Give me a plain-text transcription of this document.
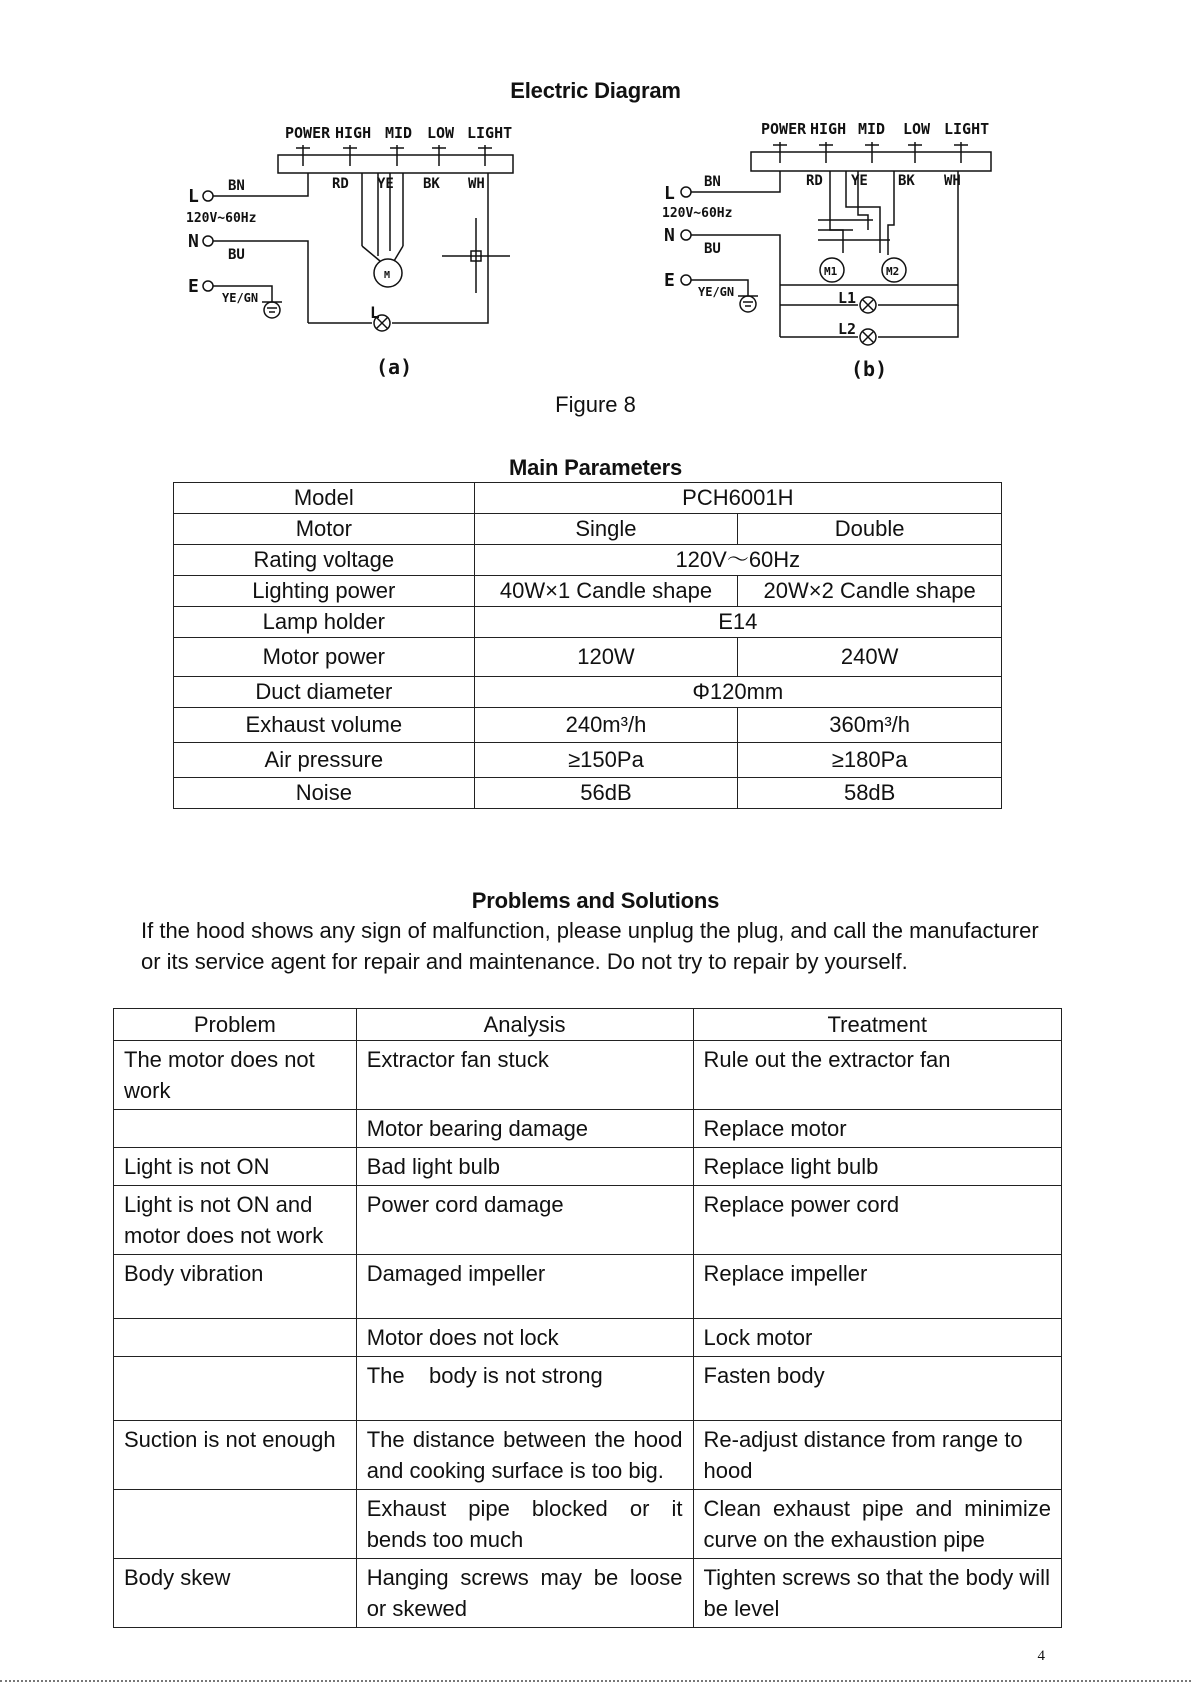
Electric Diagram
POWER HIGH MID LOW LIGHT
L BN
120V~60Hz
N
BU
E
YE/GN
RD YE BK WH
M
L
(a)
POWER HIGH MID LOW LIGHT
L
BN
120V~60Hz
N
BU
E
YE/GN
RD YE BK WH
M1	M2
L1
L2
(b)
Figure 8
Main Parameters
Model	PCH6001H	
Motor	Single	Double
Rating voltage	120V～60Hz	
Lighting power	40W×1 Candle shape	20W×2 Candle shape
Lamp holder	E14	
Motor power	120W	240W
Duct diameter	Φ120mm	
Exhaust volume	240m³/h	360m³/h
Air pressure	≥150Pa	≥180Pa
Noise	56dB	58dB
Problems and Solutions
If the hood shows any sign of malfunction, please unplug the plug, and call the manufacturer or its service agent for repair and maintenance. Do not try to repair by yourself.
Problem	Analysis	Treatment
The motor does not work	Extractor fan stuck	Rule out the extractor fan
	Motor bearing damage	Replace motor
Light is not ON	Bad light bulb	Replace light bulb
Light is not ON and motor does not work	Power cord damage	Replace power cord
Body vibration	Damaged impeller	Replace impeller
	Motor does not lock	Lock motor
	The    body is not strong	Fasten body
Suction is not enough	The distance between the hood and cooking surface is too big.	Re-adjust distance from range to hood
	Exhaust pipe blocked or it bends too much	Clean exhaust pipe and minimize curve on the exhaustion pipe
Body skew	Hanging screws may be loose or skewed	Tighten screws so that the body will be level
4
